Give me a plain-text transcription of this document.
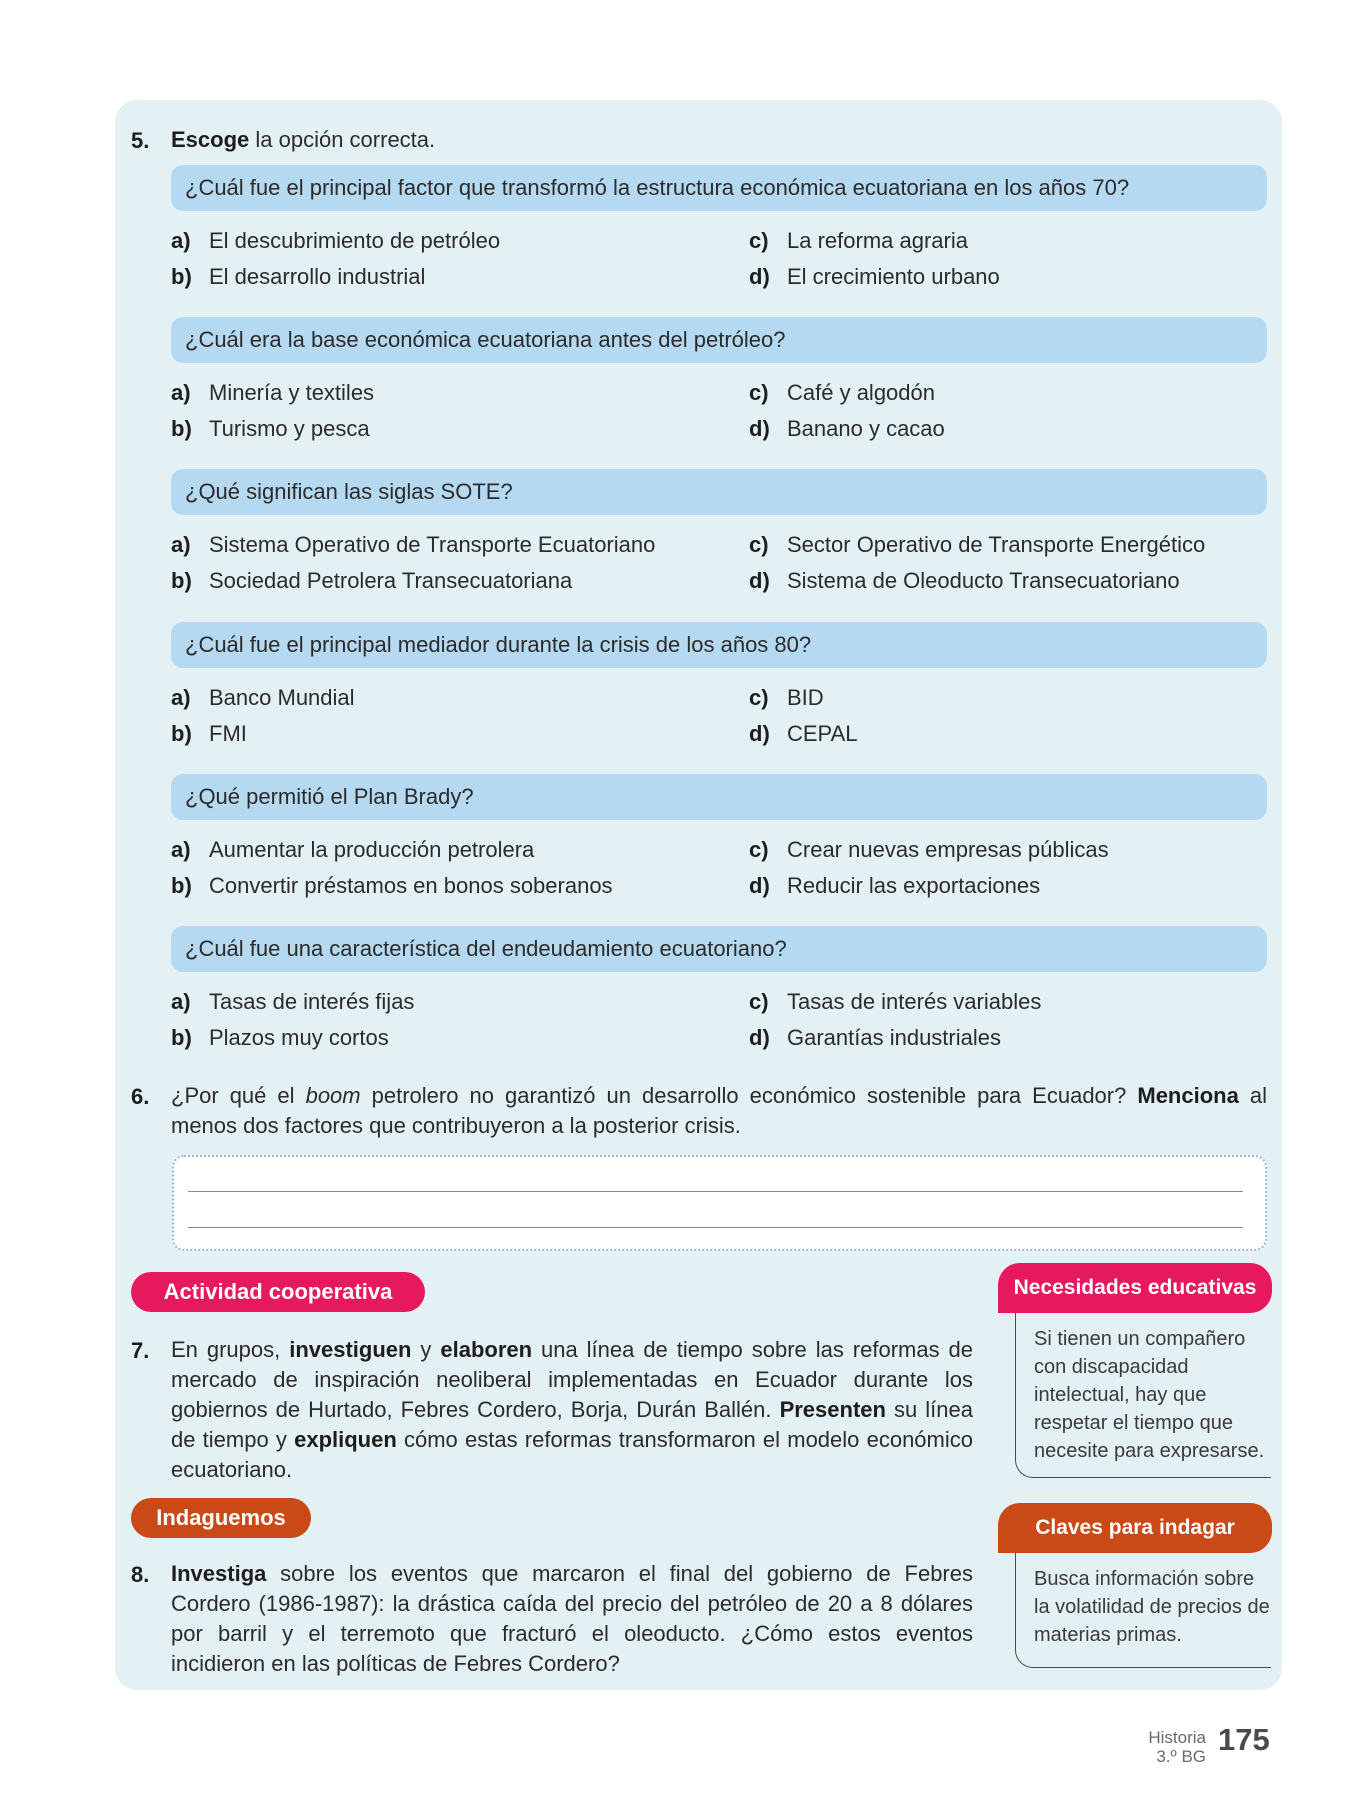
5. Escoge la opción correcta.
¿Cuál fue el principal factor que transformó la estructura económica ecuatoriana en los años 70?
a) El descubrimiento de petróleo
b) El desarrollo industrial
c) La reforma agraria
d) El crecimiento urbano
¿Cuál era la base económica ecuatoriana antes del petróleo?
a) Minería y textiles
b) Turismo y pesca
c) Café y algodón
d) Banano y cacao
¿Qué significan las siglas SOTE?
a) Sistema Operativo de Transporte Ecuatoriano
b) Sociedad Petrolera Transecuatoriana
c) Sector Operativo de Transporte Energético
d) Sistema de Oleoducto Transecuatoriano
¿Cuál fue el principal mediador durante la crisis de los años 80?
a) Banco Mundial
b) FMI
c) BID
d) CEPAL
¿Qué permitió el Plan Brady?
a) Aumentar la producción petrolera
b) Convertir préstamos en bonos soberanos
c) Crear nuevas empresas públicas
d) Reducir las exportaciones
¿Cuál fue una característica del endeudamiento ecuatoriano?
a) Tasas de interés fijas
b) Plazos muy cortos
c) Tasas de interés variables
d) Garantías industriales
6. ¿Por qué el boom petrolero no garantizó un desarrollo económico sostenible para Ecuador? Menciona al menos dos factores que contribuyeron a la posterior crisis.
Actividad cooperativa
7. En grupos, investiguen y elaboren una línea de tiempo sobre las reformas de mercado de inspiración neoliberal implementadas en Ecuador durante los gobiernos de Hurtado, Febres Cordero, Borja, Durán Ballén. Presenten su línea de tiempo y expliquen cómo estas reformas transformaron el modelo económico ecuatoriano.
Indaguemos
8. Investiga sobre los eventos que marcaron el final del gobierno de Febres Cordero (1986-1987): la drástica caída del precio del petróleo de 20 a 8 dólares por barril y el terremoto que fracturó el oleoducto. ¿Cómo estos eventos incidieron en las políticas de Febres Cordero?
Necesidades educativas
Si tienen un compañero con discapacidad intelectual, hay que respetar el tiempo que necesite para expresarse.
Claves para indagar
Busca información sobre la volatilidad de precios de materias primas.
Historia
3.º BG 175
